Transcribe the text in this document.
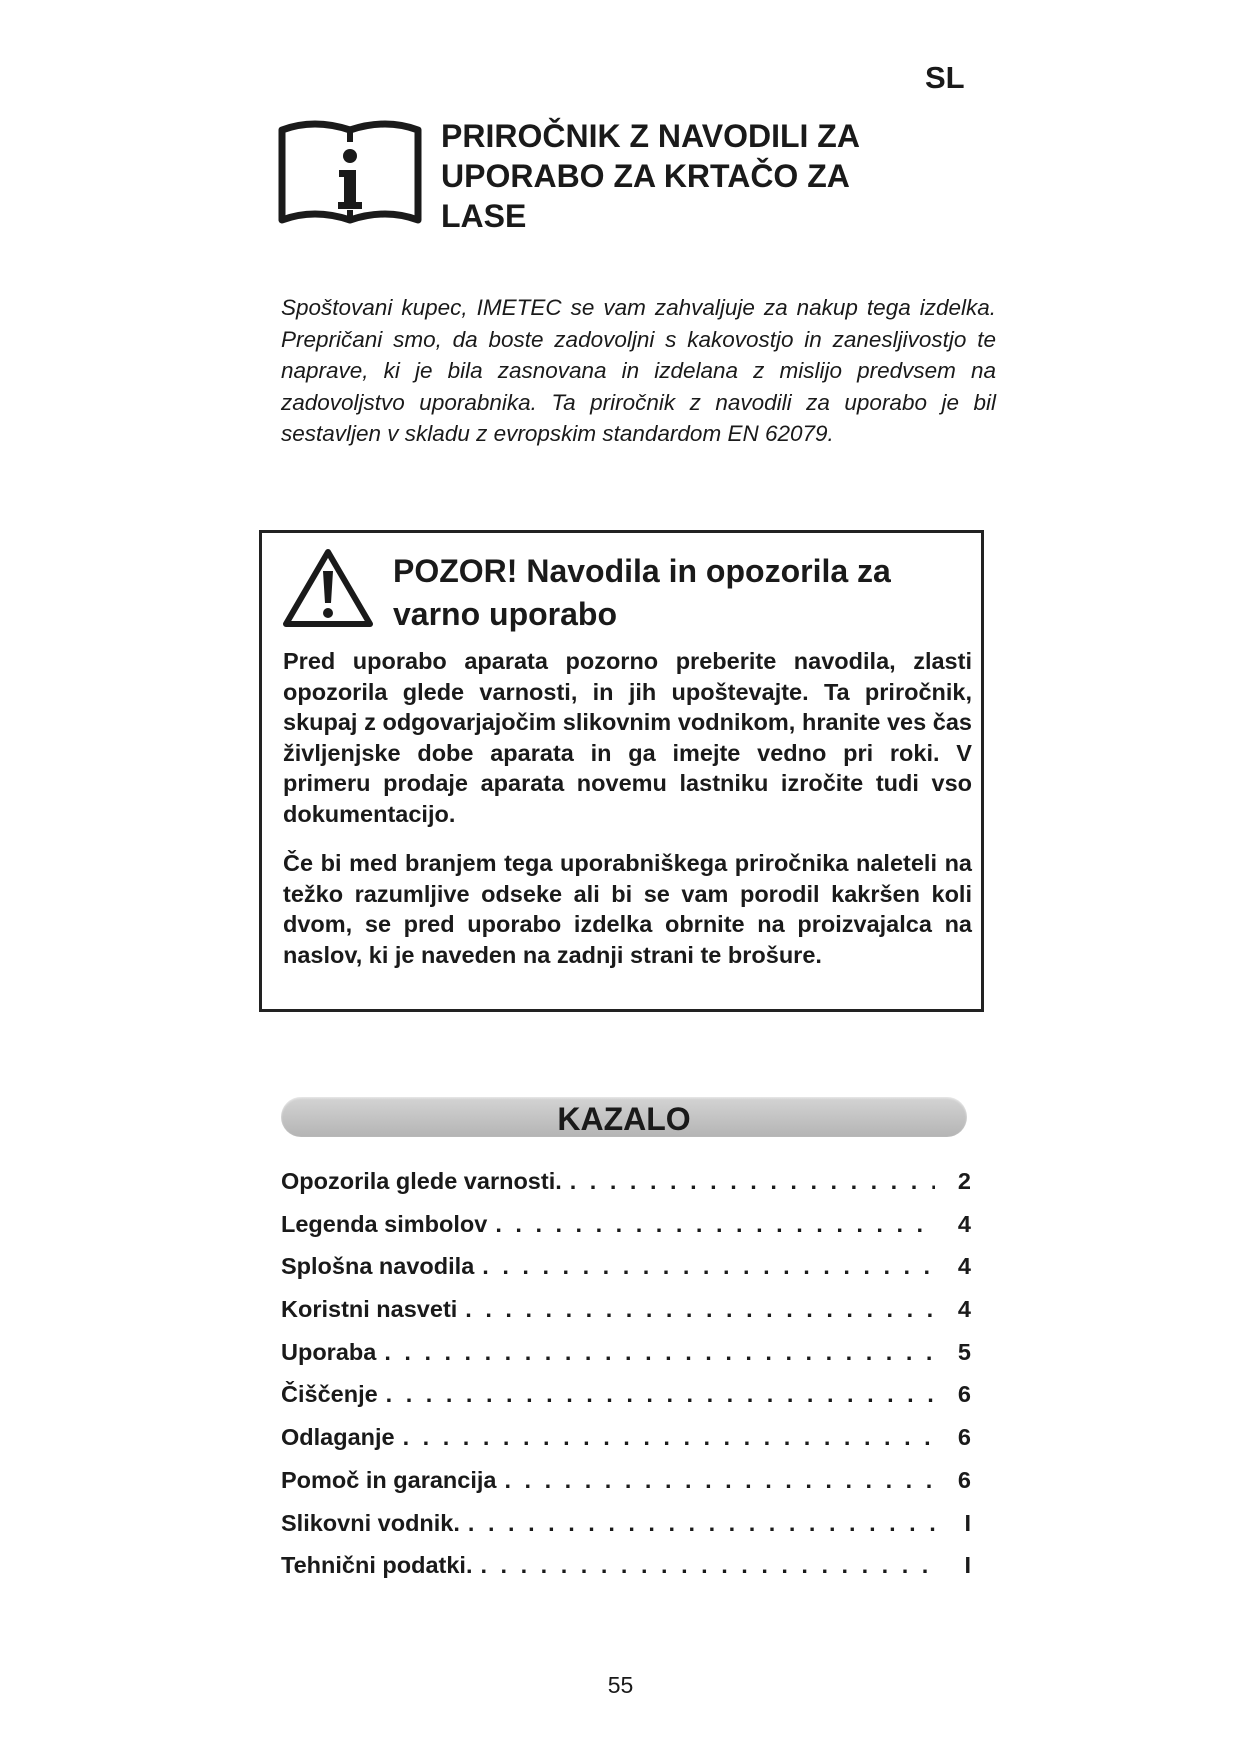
SL
PRIROČNIK Z NAVODILI ZA UPORABO ZA KRTAČO ZA LASE

Spoštovani kupec, IMETEC se vam zahvaljuje za nakup tega izdelka. Prepričani smo, da boste zadovoljni s kakovostjo in zanesljivostjo te naprave, ki je bila zasnovana in izdelana z mislijo predvsem na zadovoljstvo uporabnika. Ta priročnik z navodili za uporabo je bil sestavljen v skladu z evropskim standardom EN 62079.

POZOR! Navodila in opozorila za varno uporabo

Pred uporabo aparata pozorno preberite navodila, zlasti opozorila glede varnosti, in jih upoštevajte. Ta priročnik, skupaj z odgovarjajočim slikovnim vodnikom, hranite ves čas življenjske dobe aparata in ga imejte vedno pri roki. V primeru prodaje aparata novemu lastniku izročite tudi vso dokumentacijo.

Če bi med branjem tega uporabniškega priročnika naleteli na težko razumljive odseke ali bi se vam porodil kakršen koli dvom, se pred uporabo izdelka obrnite na proizvajalca na naslov, ki je naveden na zadnji strani te brošure.

KAZALO
Opozorila glede varnosti. . . .	2
Legenda simbolov . . .	4
Splošna navodila . . .	4
Koristni nasveti . . .	4
Uporaba . . .	5
Čiščenje . . .	6
Odlaganje . . .	6
Pomoč in garancija . . .	6
Slikovni vodnik. . . .	I
Tehnični podatki. . . .	I
55
